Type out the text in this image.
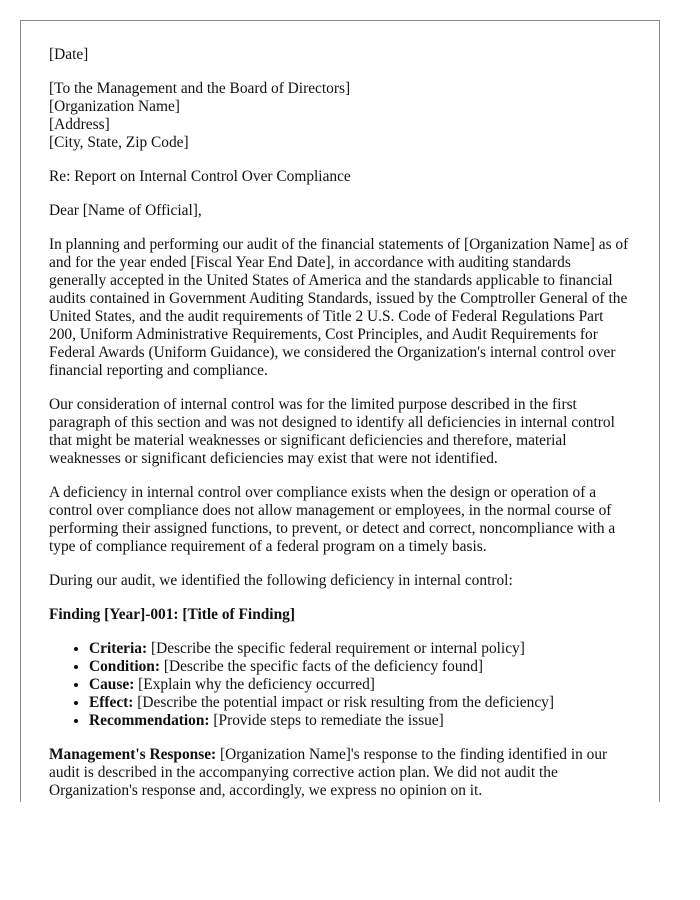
[Date]

[To the Management and the Board of Directors]
[Organization Name]
[Address]
[City, State, Zip Code]

Re: Report on Internal Control Over Compliance

Dear [Name of Official],

In planning and performing our audit of the financial statements of [Organization Name] as of and for the year ended [Fiscal Year End Date], in accordance with auditing standards generally accepted in the United States of America and the standards applicable to financial audits contained in Government Auditing Standards, issued by the Comptroller General of the United States, and the audit requirements of Title 2 U.S. Code of Federal Regulations Part 200, Uniform Administrative Requirements, Cost Principles, and Audit Requirements for Federal Awards (Uniform Guidance), we considered the Organization's internal control over financial reporting and compliance.

Our consideration of internal control was for the limited purpose described in the first paragraph of this section and was not designed to identify all deficiencies in internal control that might be material weaknesses or significant deficiencies and therefore, material weaknesses or significant deficiencies may exist that were not identified.

A deficiency in internal control over compliance exists when the design or operation of a control over compliance does not allow management or employees, in the normal course of performing their assigned functions, to prevent, or detect and correct, noncompliance with a type of compliance requirement of a federal program on a timely basis.

During our audit, we identified the following deficiency in internal control:

Finding [Year]-001: [Title of Finding]

• Criteria: [Describe the specific federal requirement or internal policy]
• Condition: [Describe the specific facts of the deficiency found]
• Cause: [Explain why the deficiency occurred]
• Effect: [Describe the potential impact or risk resulting from the deficiency]
• Recommendation: [Provide steps to remediate the issue]

Management's Response: [Organization Name]'s response to the finding identified in our audit is described in the accompanying corrective action plan. We did not audit the Organization's response and, accordingly, we express no opinion on it.
